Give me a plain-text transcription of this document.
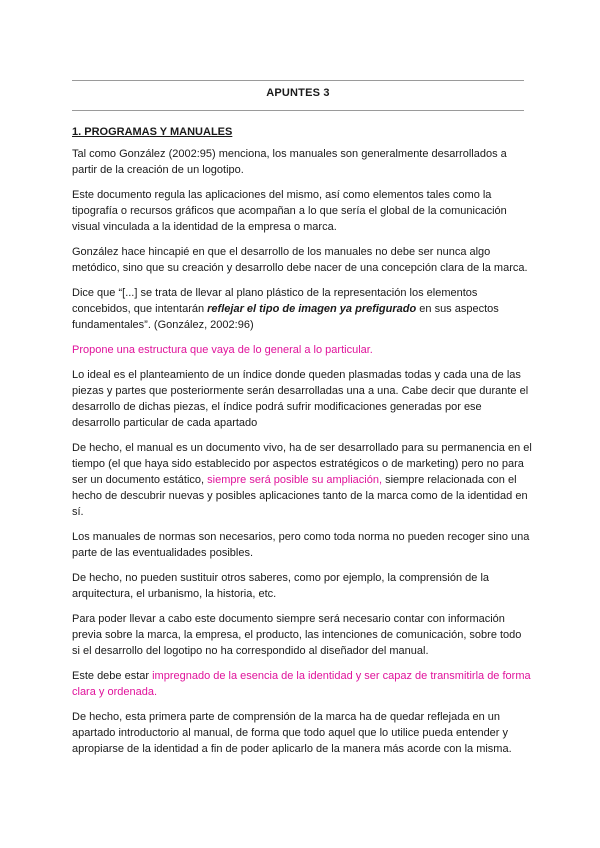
APUNTES 3
1. PROGRAMAS Y MANUALES

Tal como González (2002:95) menciona, los manuales son generalmente desarrollados a partir de la creación de un logotipo.

Este documento regula las aplicaciones del mismo, así como elementos tales como la tipografía o recursos gráficos que acompañan a lo que sería el global de la comunicación visual vinculada a la identidad de la empresa o marca.

González hace hincapié en que el desarrollo de los manuales no debe ser nunca algo metódico, sino que su creación y desarrollo debe nacer de una concepción clara de la marca.

Dice que “[...] se trata de llevar al plano plástico de la representación los elementos concebidos, que intentarán reflejar el tipo de imagen ya prefigurado en sus aspectos fundamentales”. (González, 2002:96)

Propone una estructura que vaya de lo general a lo particular.

Lo ideal es el planteamiento de un índice donde queden plasmadas todas y cada una de las piezas y partes que posteriormente serán desarrolladas una a una. Cabe decir que durante el desarrollo de dichas piezas, el índice podrá sufrir modificaciones generadas por ese desarrollo particular de cada apartado

De hecho, el manual es un documento vivo, ha de ser desarrollado para su permanencia en el tiempo (el que haya sido establecido por aspectos estratégicos o de marketing) pero no para ser un documento estático, siempre será posible su ampliación, siempre relacionada con el hecho de descubrir nuevas y posibles aplicaciones tanto de la marca como de la identidad en sí.

Los manuales de normas son necesarios, pero como toda norma no pueden recoger sino una parte de las eventualidades posibles.

De hecho, no pueden sustituir otros saberes, como por ejemplo, la comprensión de la arquitectura, el urbanismo, la historia, etc.

Para poder llevar a cabo este documento siempre será necesario contar con información previa sobre la marca, la empresa, el producto, las intenciones de comunicación, sobre todo si el desarrollo del logotipo no ha correspondido al diseñador del manual.

Este debe estar impregnado de la esencia de la identidad y ser capaz de transmitirla de forma clara y ordenada.

De hecho, esta primera parte de comprensión de la marca ha de quedar reflejada en un apartado introductorio al manual, de forma que todo aquel que lo utilice pueda entender y apropiarse de la identidad a fin de poder aplicarlo de la manera más acorde con la misma.
